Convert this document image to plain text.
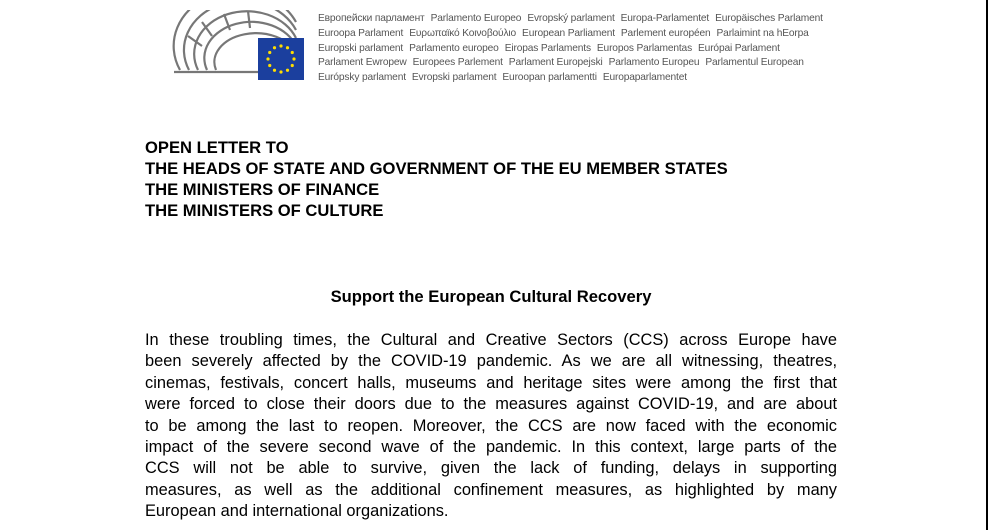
Европейски парламент Parlamento Europeo Evropský parlament Europa-Parlamentet Europäisches Parlament
Euroopa Parlament Ευρωπαϊκό Κοινοβούλιο European Parliament Parlement européen Parlaimint na hEorpa
Europski parlament Parlamento europeo Eiropas Parlaments Europos Parlamentas Európai Parlament
Parlament Ewropew Europees Parlement Parlament Europejski Parlamento Europeu Parlamentul European
Európsky parlament Evropski parlament Euroopan parlamentti Europaparlamentet
OPEN LETTER TO
THE HEADS OF STATE AND GOVERNMENT OF THE EU MEMBER STATES
THE MINISTERS OF FINANCE
THE MINISTERS OF CULTURE
Support the European Cultural Recovery
In these troubling times, the Cultural and Creative Sectors (CCS) across Europe have
been severely affected by the COVID-19 pandemic. As we are all witnessing, theatres,
cinemas, festivals, concert halls, museums and heritage sites were among the first that
were forced to close their doors due to the measures against COVID-19, and are about
to be among the last to reopen. Moreover, the CCS are now faced with the economic
impact of the severe second wave of the pandemic. In this context, large parts of the
CCS will not be able to survive, given the lack of funding, delays in supporting
measures, as well as the additional confinement measures, as highlighted by many
European and international organizations.
